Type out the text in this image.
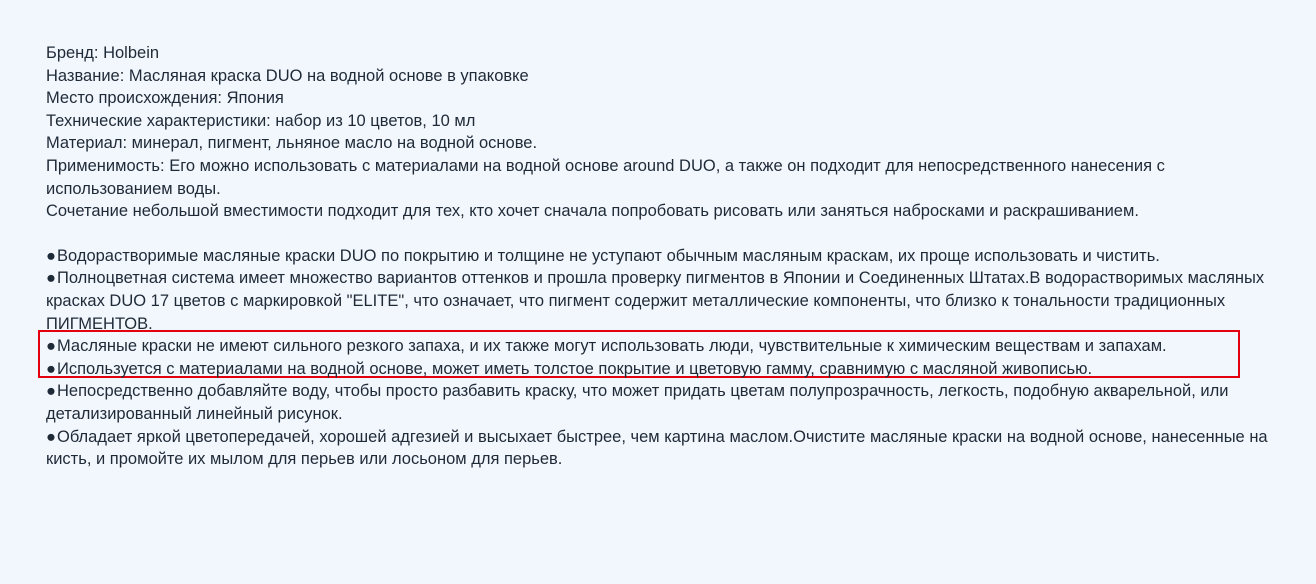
Бренд: Holbein
Название: Масляная краска DUO на водной основе в упаковке
Место происхождения: Япония
Технические характеристики: набор из 10 цветов, 10 мл
Материал: минерал, пигмент, льняное масло на водной основе.
Применимость: Его можно использовать с материалами на водной основе around DUO, а также он подходит для непосредственного нанесения с использованием воды.
Сочетание небольшой вместимости подходит для тех, кто хочет сначала попробовать рисовать или заняться набросками и раскрашиванием.
●Водорастворимые масляные краски DUO по покрытию и толщине не уступают обычным масляным краскам, их проще использовать и чистить.
●Полноцветная система имеет множество вариантов оттенков и прошла проверку пигментов в Японии и Соединенных Штатах.В водорастворимых масляных красках DUO 17 цветов с маркировкой "ELITE", что означает, что пигмент содержит металлические компоненты, что близко к тональности традиционных ПИГМЕНТОВ.
●Масляные краски не имеют сильного резкого запаха, и их также могут использовать люди, чувствительные к химическим веществам и запахам.
●Используется с материалами на водной основе, может иметь толстое покрытие и цветовую гамму, сравнимую с масляной живописью.
●Непосредственно добавляйте воду, чтобы просто разбавить краску, что может придать цветам полупрозрачность, легкость, подобную акварельной, или детализированный линейный рисунок.
●Обладает яркой цветопередачей, хорошей адгезией и высыхает быстрее, чем картина маслом.Очистите масляные краски на водной основе, нанесенные на кисть, и промойте их мылом для перьев или лосьоном для перьев.
